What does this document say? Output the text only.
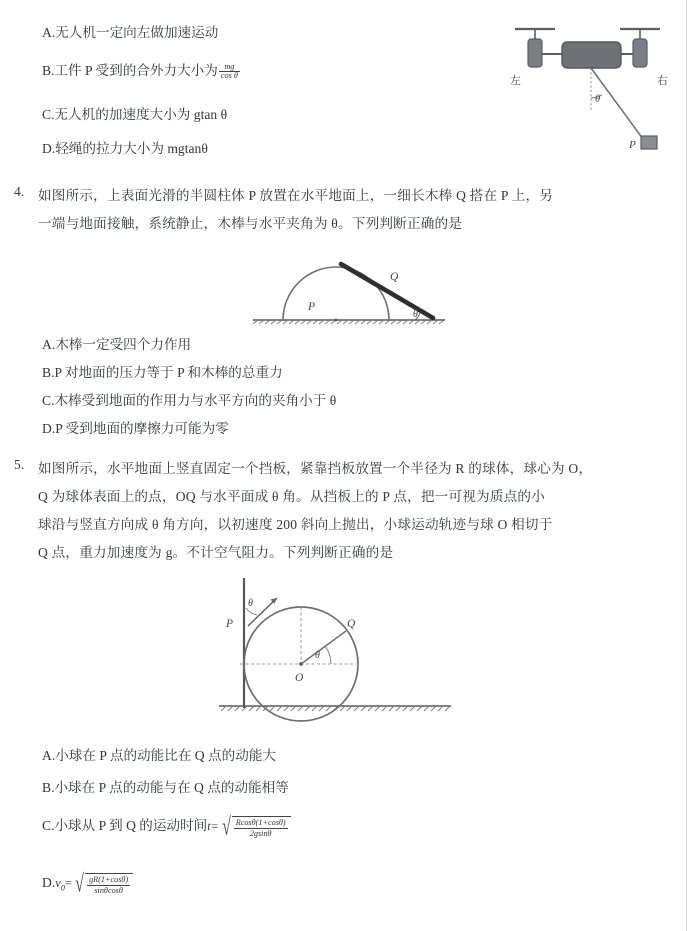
A.无人机一定向左做加速运动
B.工件 P 受到的合外力大小为 $\frac{mg}{\text{cos θ}}$
C.无人机的加速度大小为 gtan θ
D.轻绳的拉力大小为 mgtanθ
左	右
θ
P
4. 如图所示，上表面光滑的半圆柱体 P 放置在水平地面上，一细长木棒 Q 搭在 P 上，另
一端与地面接触，系统静止，木棒与水平夹角为 θ。下列判断正确的是
P
Q
θ
A.木棒一定受四个力作用
B.P 对地面的压力等于 P 和木棒的总重力
C.木棒受到地面的作用力与水平方向的夹角小于 θ
D.P 受到地面的摩擦力可能为零
5. 如图所示，水平地面上竖直固定一个挡板，紧靠挡板放置一个半径为 R 的球体，球心为 O，
Q 为球体表面上的点，OQ 与水平面成 θ 角。从挡板上的 P 点，把一可视为质点的小
球沿与竖直方向成 θ 角方向，以初速度 200 斜向上抛出，小球运动轨迹与球 O 相切于
Q 点，重力加速度为 g。不计空气阻力。下列判断正确的是
P	Q
O
θ
θ
A.小球在 P 点的动能比在 Q 点的动能大
B.小球在 P 点的动能与在 Q 点的动能相等
C.小球从 P 到 Q 的运动时间t= √ $\frac{Rcos\theta(1+\cos\theta)}{2gsin\theta}$
$D.v_0=$ √ $\frac{gR(1+\cos\theta)}{\sin\theta\cos\theta}$
